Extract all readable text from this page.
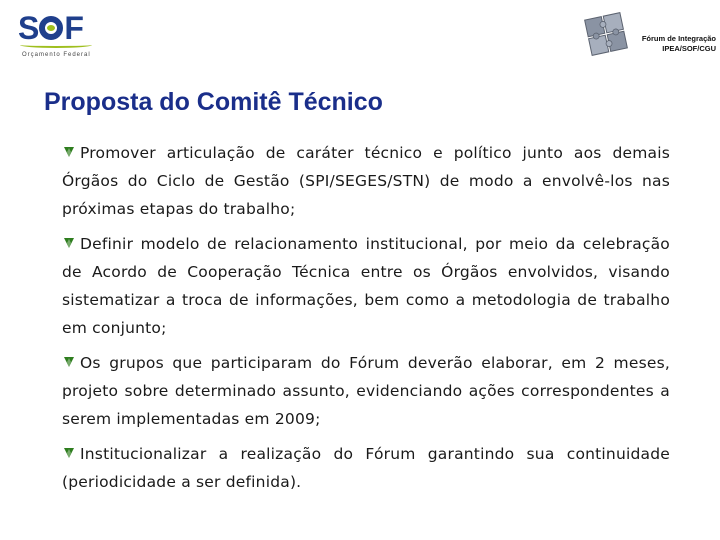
S F
Orçamento Federal
Fórum de Integração
IPEA/SOF/CGU
Proposta do Comitê Técnico

Promover articulação de caráter técnico e político junto aos demais Órgãos do Ciclo de Gestão (SPI/SEGES/STN) de modo a envolvê-los nas próximas etapas do trabalho;

Definir modelo de relacionamento institucional, por meio da celebração de Acordo de Cooperação Técnica entre os Órgãos envolvidos, visando sistematizar a troca de informações, bem como a metodologia de trabalho em conjunto;

Os grupos que participaram do Fórum deverão elaborar, em 2 meses, projeto sobre determinado assunto, evidenciando ações correspondentes a serem implementadas em 2009;

Institucionalizar a realização do Fórum garantindo sua continuidade (periodicidade a ser definida).
